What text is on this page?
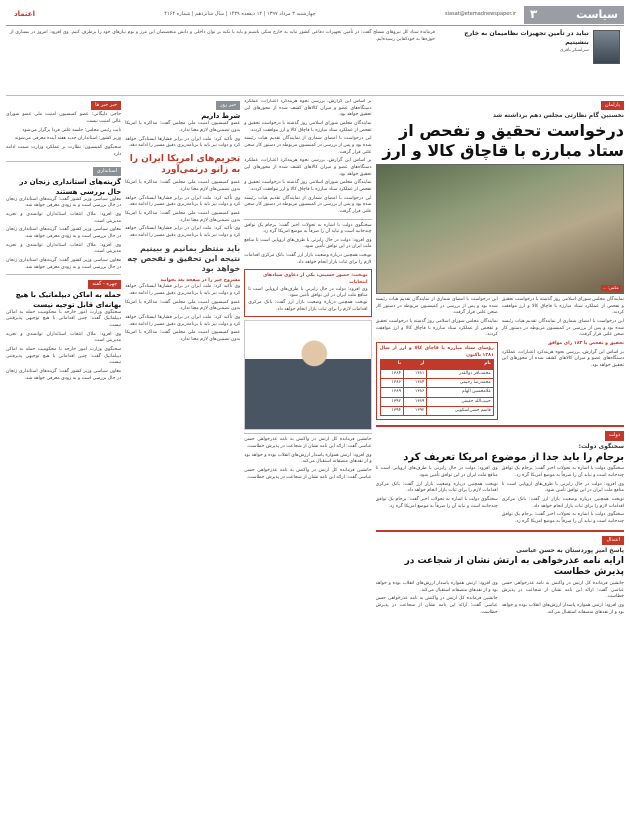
سیاست
۳
siasat@etemadnewspaper.ir
چهارشنبه ۳ مرداد ۱۳۹۷ | ۱۴ ذیقعده ۱۴۳۹ | سال شانزدهم | شماره ۴۱۶۴
اعتماد
نباید در تأمین تجهیزات نظامیمان به خارج بنشینیم
سرلشکر باقری
فرمانده ستاد کل نیروهای مسلح گفت: در تأمین تجهیزات دفاعی کشور نباید به خارج متکی باشیم و باید با تکیه بر توان داخلی و دانش متخصصان این مرز و بوم نیازهای خود را برطرف کنیم. وی افزود: امروز در بسیاری از حوزه‌ها به خودکفایی رسیده‌ایم.
پارلمان
نخستین گام نظارتی مجلس دهم برداشته شد
درخواست تحقیق و تفحص از ستاد مبارزه با قاچاق کالا و ارز
عکس: ...

نمایندگان مجلس شورای اسلامی روز گذشته با درخواست تحقیق و تفحص از عملکرد ستاد مبارزه با قاچاق کالا و ارز موافقت کردند.

این درخواست با امضای شماری از نمایندگان تقدیم هیات رئیسه شده بود و پس از بررسی در کمیسیون مربوطه در دستور کار صحن علنی قرار گرفت.

تحقیق و تفحص با ۱۸۳ رای موافق

بر اساس این گزارش، بررسی نحوه هزینه‌کرد اعتبارات، عملکرد دستگاه‌های عضو و میزان کالاهای کشف شده از محورهای این تحقیق خواهد بود.

این درخواست با امضای شماری از نمایندگان تقدیم هیات رئیسه شده بود و پس از بررسی در کمیسیون مربوطه در دستور کار صحن علنی قرار گرفت.

نمایندگان مجلس شورای اسلامی روز گذشته با درخواست تحقیق و تفحص از عملکرد ستاد مبارزه با قاچاق کالا و ارز موافقت کردند.

رؤسای ستاد مبارزه با قاچاق کالا و ارز از سال ۱۳۸۱ تاکنون
نام	از	تا
محمدباقر ذوالقدر	۱۳۸۱	۱۳۸۴
محمدرضا رحیمی	۱۳۸۴	۱۳۸۶
غلامحسین الهام	۱۳۸۶	۱۳۸۹
حبیب‌الله حقیقی	۱۳۸۹	۱۳۹۲
قاسم حسن‌اسکویی	۱۳۹۲	۱۳۹۴
دولت
سخنگوی دولت:
برجام را باید جدا از موضوع امریکا تعریف کرد

سخنگوی دولت با اشاره به تحولات اخیر گفت: برجام یک توافق چندجانبه است و نباید آن را صرفاً به موضع امریکا گره زد.

وی افزود: دولت در حال رایزنی با طرف‌های اروپایی است تا منافع ملت ایران در این توافق تأمین شود.

نوبخت همچنین درباره وضعیت بازار ارز گفت: بانک مرکزی اقدامات لازم را برای ثبات بازار انجام خواهد داد.

سخنگوی دولت با اشاره به تحولات اخیر گفت: برجام یک توافق چندجانبه است و نباید آن را صرفاً به موضع امریکا گره زد.

وی افزود: دولت در حال رایزنی با طرف‌های اروپایی است تا منافع ملت ایران در این توافق تأمین شود.

نوبخت همچنین درباره وضعیت بازار ارز گفت: بانک مرکزی اقدامات لازم را برای ثبات بازار انجام خواهد داد.

سخنگوی دولت با اشاره به تحولات اخیر گفت: برجام یک توافق چندجانبه است و نباید آن را صرفاً به موضع امریکا گره زد.

اعتدال
پاسخ امیر پوردستان به حسن عباسی
ارایه نامه عذرخواهی به ارتش نشان از شجاعت در پذیرش خطاست

جانشین فرمانده کل ارتش در واکنش به نامه عذرخواهی حسن عباسی گفت: ارائه این نامه نشان از شجاعت در پذیرش خطاست.

وی افزود: ارتش همواره پاسدار ارزش‌های انقلاب بوده و خواهد بود و از نقدهای منصفانه استقبال می‌کند.

وی افزود: ارتش همواره پاسدار ارزش‌های انقلاب بوده و خواهد بود و از نقدهای منصفانه استقبال می‌کند.

جانشین فرمانده کل ارتش در واکنش به نامه عذرخواهی حسن عباسی گفت: ارائه این نامه نشان از شجاعت در پذیرش خطاست.

بر اساس این گزارش، بررسی نحوه هزینه‌کرد اعتبارات، عملکرد دستگاه‌های عضو و میزان کالاهای کشف شده از محورهای این تحقیق خواهد بود.

نمایندگان مجلس شورای اسلامی روز گذشته با درخواست تحقیق و تفحص از عملکرد ستاد مبارزه با قاچاق کالا و ارز موافقت کردند.

این درخواست با امضای شماری از نمایندگان تقدیم هیات رئیسه شده بود و پس از بررسی در کمیسیون مربوطه در دستور کار صحن علنی قرار گرفت.

بر اساس این گزارش، بررسی نحوه هزینه‌کرد اعتبارات، عملکرد دستگاه‌های عضو و میزان کالاهای کشف شده از محورهای این تحقیق خواهد بود.

نمایندگان مجلس شورای اسلامی روز گذشته با درخواست تحقیق و تفحص از عملکرد ستاد مبارزه با قاچاق کالا و ارز موافقت کردند.

این درخواست با امضای شماری از نمایندگان تقدیم هیات رئیسه شده بود و پس از بررسی در کمیسیون مربوطه در دستور کار صحن علنی قرار گرفت.

سخنگوی دولت با اشاره به تحولات اخیر گفت: برجام یک توافق چندجانبه است و نباید آن را صرفاً به موضع امریکا گره زد.

وی افزود: دولت در حال رایزنی با طرف‌های اروپایی است تا منافع ملت ایران در این توافق تأمین شود.

نوبخت همچنین درباره وضعیت بازار ارز گفت: بانک مرکزی اقدامات لازم را برای ثبات بازار انجام خواهد داد.

نوبخت: حضور حسینی، یکی از دعاوی ستادهای انتخابات

وی افزود: دولت در حال رایزنی با طرف‌های اروپایی است تا منافع ملت ایران در این توافق تأمین شود.

نوبخت همچنین درباره وضعیت بازار ارز گفت: بانک مرکزی اقدامات لازم را برای ثبات بازار انجام خواهد داد.

جانشین فرمانده کل ارتش در واکنش به نامه عذرخواهی حسن عباسی گفت: ارائه این نامه نشان از شجاعت در پذیرش خطاست.

وی افزود: ارتش همواره پاسدار ارزش‌های انقلاب بوده و خواهد بود و از نقدهای منصفانه استقبال می‌کند.

جانشین فرمانده کل ارتش در واکنش به نامه عذرخواهی حسن عباسی گفت: ارائه این نامه نشان از شجاعت در پذیرش خطاست.

خبر روز
شرط داریم

عضو کمیسیون امنیت ملی مجلس گفت: مذاکره با امریکا بدون تضمین‌های لازم معنا ندارد.

وی تأکید کرد: ملت ایران در برابر فشارها ایستادگی خواهد کرد و دولت نیز باید با برنامه‌ریزی دقیق مسیر را ادامه دهد.

تحریم‌های امریکا ایران را به زانو درنمی‌آورد

عضو کمیسیون امنیت ملی مجلس گفت: مذاکره با امریکا بدون تضمین‌های لازم معنا ندارد.

وی تأکید کرد: ملت ایران در برابر فشارها ایستادگی خواهد کرد و دولت نیز باید با برنامه‌ریزی دقیق مسیر را ادامه دهد.

عضو کمیسیون امنیت ملی مجلس گفت: مذاکره با امریکا بدون تضمین‌های لازم معنا ندارد.

وی تأکید کرد: ملت ایران در برابر فشارها ایستادگی خواهد کرد و دولت نیز باید با برنامه‌ریزی دقیق مسیر را ادامه دهد.

باید منتظر بمانیم و ببینیم نتیجه این تحقیق و تفحص چه خواهد بود
مشروح خبر را در صفحه بعد بخوانید

وی تأکید کرد: ملت ایران در برابر فشارها ایستادگی خواهد کرد و دولت نیز باید با برنامه‌ریزی دقیق مسیر را ادامه دهد.

عضو کمیسیون امنیت ملی مجلس گفت: مذاکره با امریکا بدون تضمین‌های لازم معنا ندارد.

وی تأکید کرد: ملت ایران در برابر فشارها ایستادگی خواهد کرد و دولت نیز باید با برنامه‌ریزی دقیق مسیر را ادامه دهد.

عضو کمیسیون امنیت ملی مجلس گفت: مذاکره با امریکا بدون تضمین‌های لازم معنا ندارد.

خبر خبر ها

حاجی دلیگانی: عضو کمیسیون امنیت ملی عضو شورای عالی امنیت نیست

نایب رئیس مجلس: جلسه علنی فردا برگزار می‌شود

وزیر کشور: استانداران جدید هفته آینده معرفی می‌شوند

سخنگوی کمیسیون: نظارت بر عملکرد وزارت صمت ادامه دارد

استانداری
گزینه‌های استانداری زنجان در حال بررسی هستند

معاون سیاسی وزیر کشور گفت: گزینه‌های استانداری زنجان در حال بررسی است و به زودی معرفی خواهد شد.

وی افزود: ملاک انتخاب استانداران توانمندی و تجربه مدیریتی است.

معاون سیاسی وزیر کشور گفت: گزینه‌های استانداری زنجان در حال بررسی است و به زودی معرفی خواهد شد.

وی افزود: ملاک انتخاب استانداران توانمندی و تجربه مدیریتی است.

معاون سیاسی وزیر کشور گفت: گزینه‌های استانداری زنجان در حال بررسی است و به زودی معرفی خواهد شد.

چهره - گفته
حمله به اماکن دیپلماتیک با هیچ بهانه‌ای قابل توجیه نیست

سخنگوی وزارت امور خارجه با محکومیت حمله به اماکن دیپلماتیک گفت: چنین اقداماتی با هیچ توجیهی پذیرفتنی نیست.

وی افزود: ملاک انتخاب استانداران توانمندی و تجربه مدیریتی است.

سخنگوی وزارت امور خارجه با محکومیت حمله به اماکن دیپلماتیک گفت: چنین اقداماتی با هیچ توجیهی پذیرفتنی نیست.

معاون سیاسی وزیر کشور گفت: گزینه‌های استانداری زنجان در حال بررسی است و به زودی معرفی خواهد شد.
